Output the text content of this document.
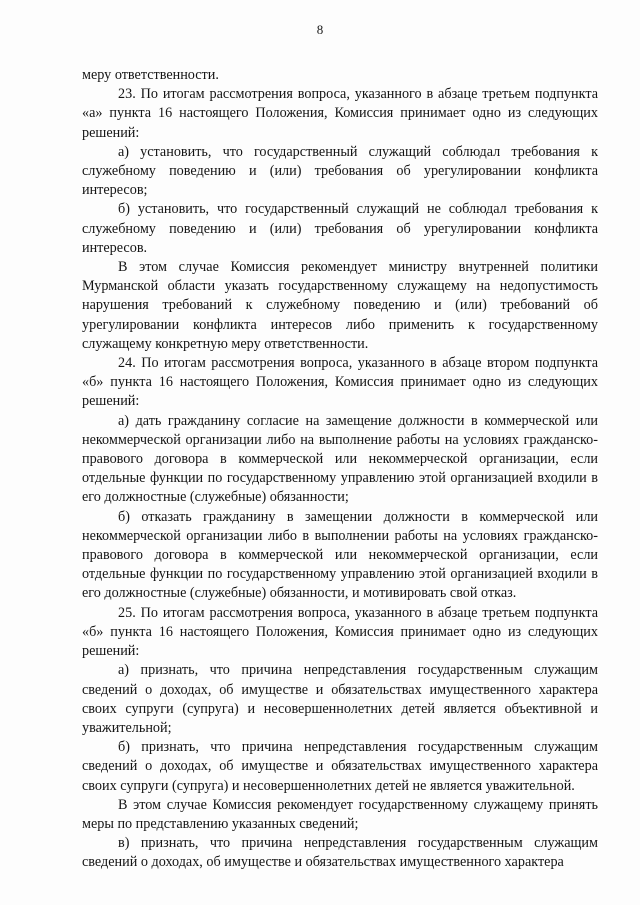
8

меру ответственности.

23. По итогам рассмотрения вопроса, указанного в абзаце третьем подпункта «а» пункта 16 настоящего Положения, Комиссия принимает одно из следующих решений:

а) установить, что государственный служащий соблюдал требования к служебному поведению и (или) требования об урегулировании конфликта интересов;

б) установить, что государственный служащий не соблюдал требования к служебному поведению и (или) требования об урегулировании конфликта интересов.

В этом случае Комиссия рекомендует министру внутренней политики Мурманской области указать государственному служащему на недопустимость нарушения требований к служебному поведению и (или) требований об урегулировании конфликта интересов либо применить к государственному служащему конкретную меру ответственности.

24. По итогам рассмотрения вопроса, указанного в абзаце втором подпункта «б» пункта 16 настоящего Положения, Комиссия принимает одно из следующих решений:

а) дать гражданину согласие на замещение должности в коммерческой или некоммерческой организации либо на выполнение работы на условиях гражданско-правового договора в коммерческой или некоммерческой организации, если отдельные функции по государственному управлению этой организацией входили в его должностные (служебные) обязанности;

б) отказать гражданину в замещении должности в коммерческой или некоммерческой организации либо в выполнении работы на условиях гражданско-правового договора в коммерческой или некоммерческой организации, если отдельные функции по государственному управлению этой организацией входили в его должностные (служебные) обязанности, и мотивировать свой отказ.

25. По итогам рассмотрения вопроса, указанного в абзаце третьем подпункта «б» пункта 16 настоящего Положения, Комиссия принимает одно из следующих решений:

а) признать, что причина непредставления государственным служащим сведений о доходах, об имуществе и обязательствах имущественного характера своих супруги (супруга) и несовершеннолетних детей является объективной и уважительной;

б) признать, что причина непредставления государственным служащим сведений о доходах, об имуществе и обязательствах имущественного характера своих супруги (супруга) и несовершеннолетних детей не является уважительной.

В этом случае Комиссия рекомендует государственному служащему принять меры по представлению указанных сведений;

в) признать, что причина непредставления государственным служащим сведений о доходах, об имуществе и обязательствах имущественного характера
